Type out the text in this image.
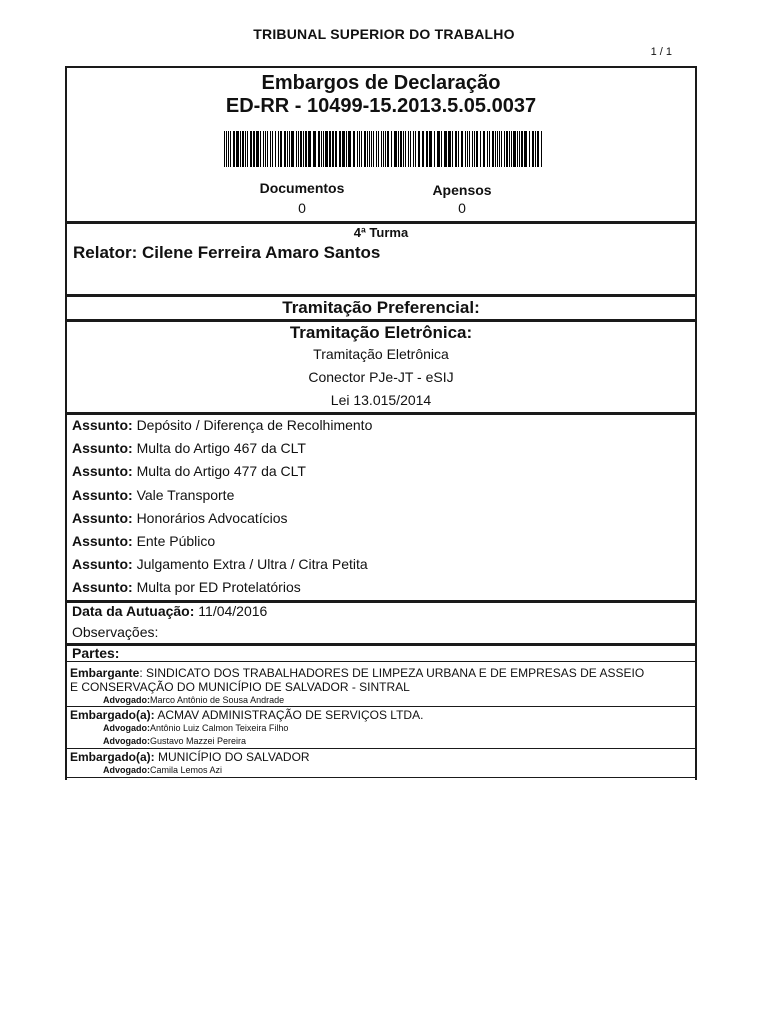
TRIBUNAL SUPERIOR DO TRABALHO
1 / 1
Embargos de Declaração
ED-RR - 10499-15.2013.5.05.0037
Documentos	Apensos
0	0
4ª Turma
Relator: Cilene Ferreira Amaro Santos
Tramitação Preferencial:
Tramitação Eletrônica:
Tramitação Eletrônica
Conector PJe-JT - eSIJ
Lei 13.015/2014
Assunto: Depósito / Diferença de Recolhimento
Assunto: Multa do Artigo 467 da CLT
Assunto: Multa do Artigo 477 da CLT
Assunto: Vale Transporte
Assunto: Honorários Advocatícios
Assunto: Ente Público
Assunto: Julgamento Extra / Ultra / Citra Petita
Assunto: Multa por ED Protelatórios
Data da Autuação: 11/04/2016
Observações:
Partes:
Embargante: SINDICATO DOS TRABALHADORES DE LIMPEZA URBANA E DE EMPRESAS DE ASSEIO
E CONSERVAÇÃO DO MUNICÍPIO DE SALVADOR - SINTRAL
Advogado:Marco Antônio de Sousa Andrade
Embargado(a): ACMAV ADMINISTRAÇÃO DE SERVIÇOS LTDA.
Advogado:Antônio Luiz Calmon Teixeira Filho
Advogado:Gustavo Mazzei Pereira
Embargado(a): MUNICÍPIO DO SALVADOR
Advogado:Camila Lemos Azi
